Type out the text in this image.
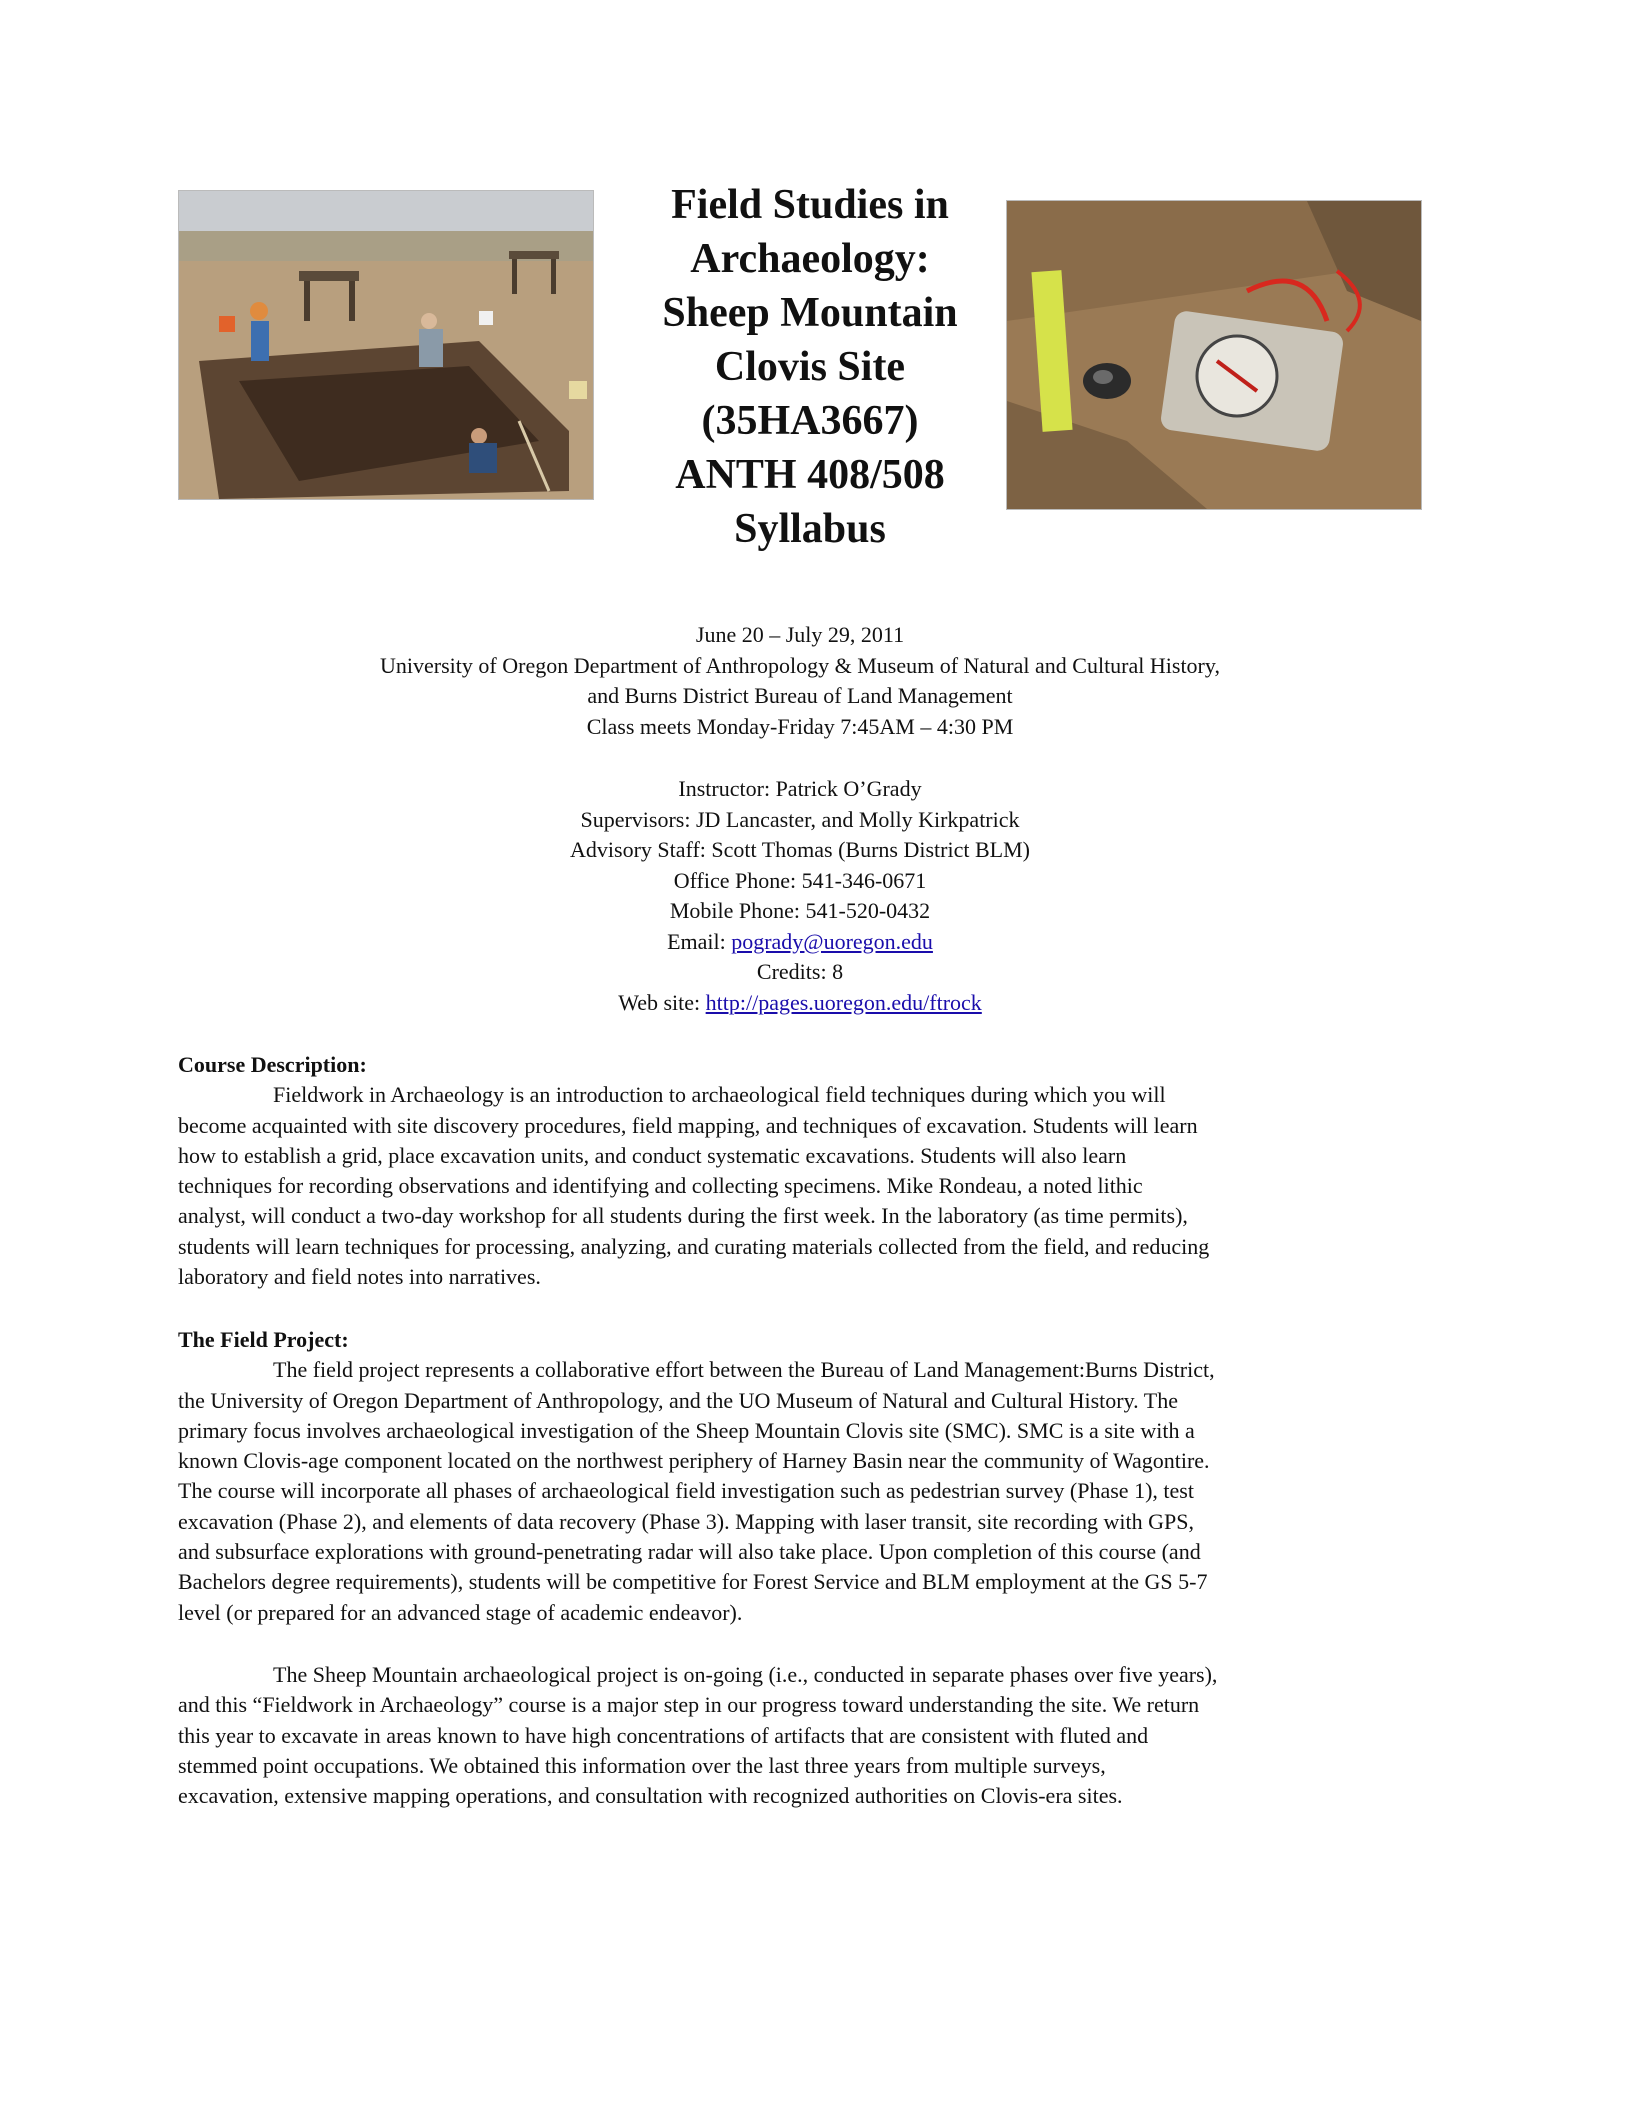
Field Studies in
Archaeology:
Sheep Mountain
Clovis Site
(35HA3667)
ANTH 408/508
Syllabus
June 20 – July 29, 2011
University of Oregon Department of Anthropology & Museum of Natural and Cultural History,
and Burns District Bureau of Land Management
Class meets Monday-Friday 7:45AM – 4:30 PM
Instructor: Patrick O’Grady
Supervisors: JD Lancaster, and Molly Kirkpatrick
Advisory Staff: Scott Thomas (Burns District BLM)
Office Phone: 541-346-0671
Mobile Phone: 541-520-0432
Email: pogrady@uoregon.edu
Credits: 8
Web site: http://pages.uoregon.edu/ftrock
Course Description:
Fieldwork in Archaeology is an introduction to archaeological field techniques during which you will
become acquainted with site discovery procedures, field mapping, and techniques of excavation. Students will learn
how to establish a grid, place excavation units, and conduct systematic excavations. Students will also learn
techniques for recording observations and identifying and collecting specimens. Mike Rondeau, a noted lithic
analyst, will conduct a two-day workshop for all students during the first week. In the laboratory (as time permits),
students will learn techniques for processing, analyzing, and curating materials collected from the field, and reducing
laboratory and field notes into narratives.
The Field Project:
The field project represents a collaborative effort between the Bureau of Land Management:Burns District,
the University of Oregon Department of Anthropology, and the UO Museum of Natural and Cultural History. The
primary focus involves archaeological investigation of the Sheep Mountain Clovis site (SMC). SMC is a site with a
known Clovis-age component located on the northwest periphery of Harney Basin near the community of Wagontire.
The course will incorporate all phases of archaeological field investigation such as pedestrian survey (Phase 1), test
excavation (Phase 2), and elements of data recovery (Phase 3). Mapping with laser transit, site recording with GPS,
and subsurface explorations with ground-penetrating radar will also take place. Upon completion of this course (and
Bachelors degree requirements), students will be competitive for Forest Service and BLM employment at the GS 5-7
level (or prepared for an advanced stage of academic endeavor).
The Sheep Mountain archaeological project is on-going (i.e., conducted in separate phases over five years),
and this “Fieldwork in Archaeology” course is a major step in our progress toward understanding the site. We return
this year to excavate in areas known to have high concentrations of artifacts that are consistent with fluted and
stemmed point occupations. We obtained this information over the last three years from multiple surveys,
excavation, extensive mapping operations, and consultation with recognized authorities on Clovis-era sites.
